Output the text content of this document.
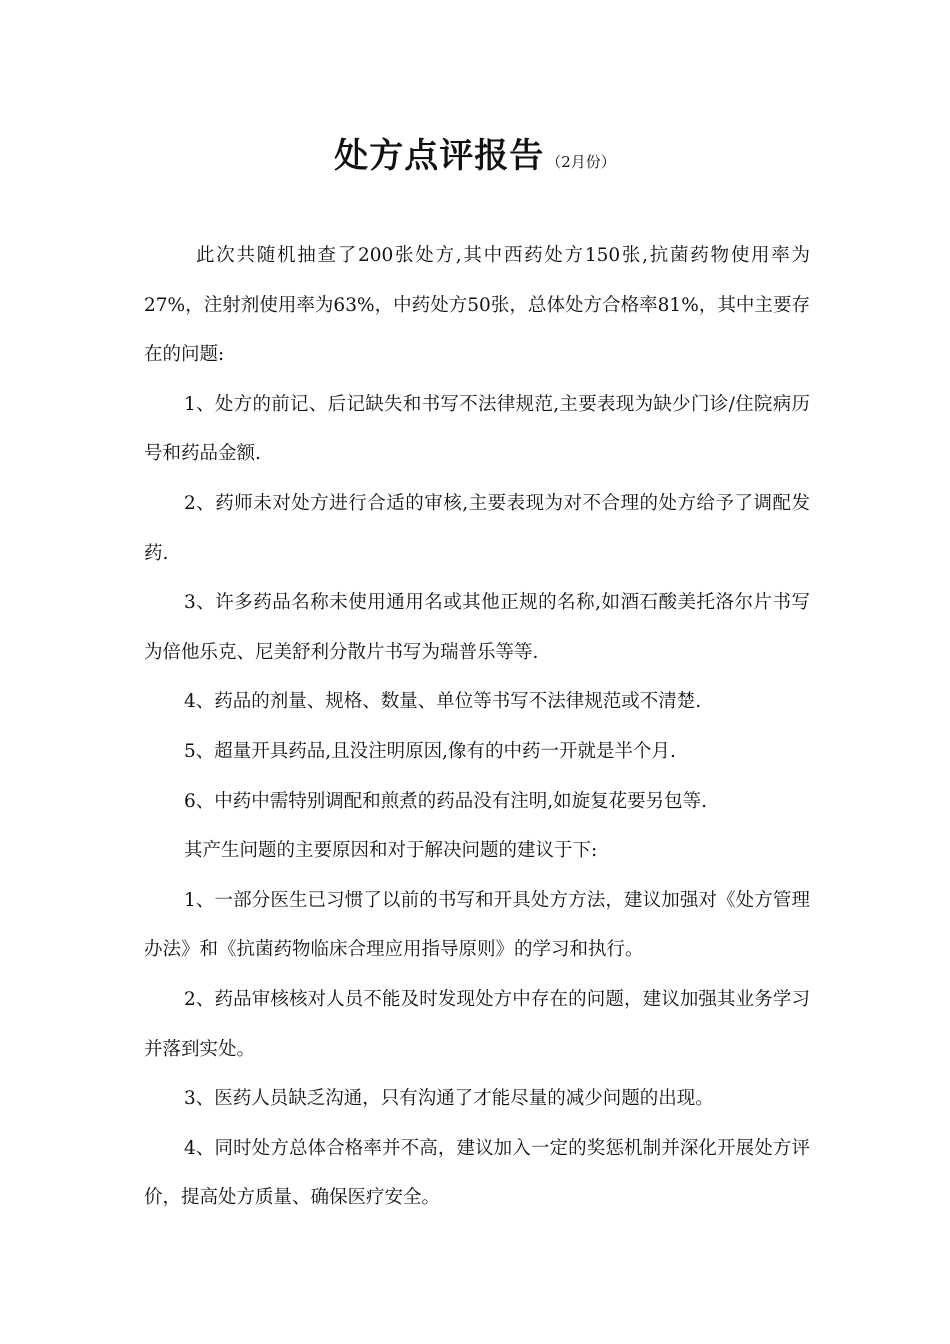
处方点评报告 （2月份）

此次共随机抽查了200张处方,其中西药处方150张,抗菌药物使用率为27%，注射剂使用率为63%，中药处方50张，总体处方合格率81%，其中主要存在的问题:

1、处方的前记、后记缺失和书写不法律规范,主要表现为缺少门诊/住院病历号和药品金额.

2、药师未对处方进行合适的审核,主要表现为对不合理的处方给予了调配发药.

3、许多药品名称未使用通用名或其他正规的名称,如酒石酸美托洛尔片书写为倍他乐克、尼美舒利分散片书写为瑞普乐等等.

4、药品的剂量、规格、数量、单位等书写不法律规范或不清楚.

5、超量开具药品,且没注明原因,像有的中药一开就是半个月.

6、中药中需特别调配和煎煮的药品没有注明,如旋复花要另包等.

其产生问题的主要原因和对于解决问题的建议于下:

1、一部分医生已习惯了以前的书写和开具处方方法，建议加强对《处方管理办法》和《抗菌药物临床合理应用指导原则》的学习和执行。

2、药品审核核对人员不能及时发现处方中存在的问题，建议加强其业务学习并落到实处。

3、医药人员缺乏沟通，只有沟通了才能尽量的减少问题的出现。

4、同时处方总体合格率并不高，建议加入一定的奖惩机制并深化开展处方评价，提高处方质量、确保医疗安全。
